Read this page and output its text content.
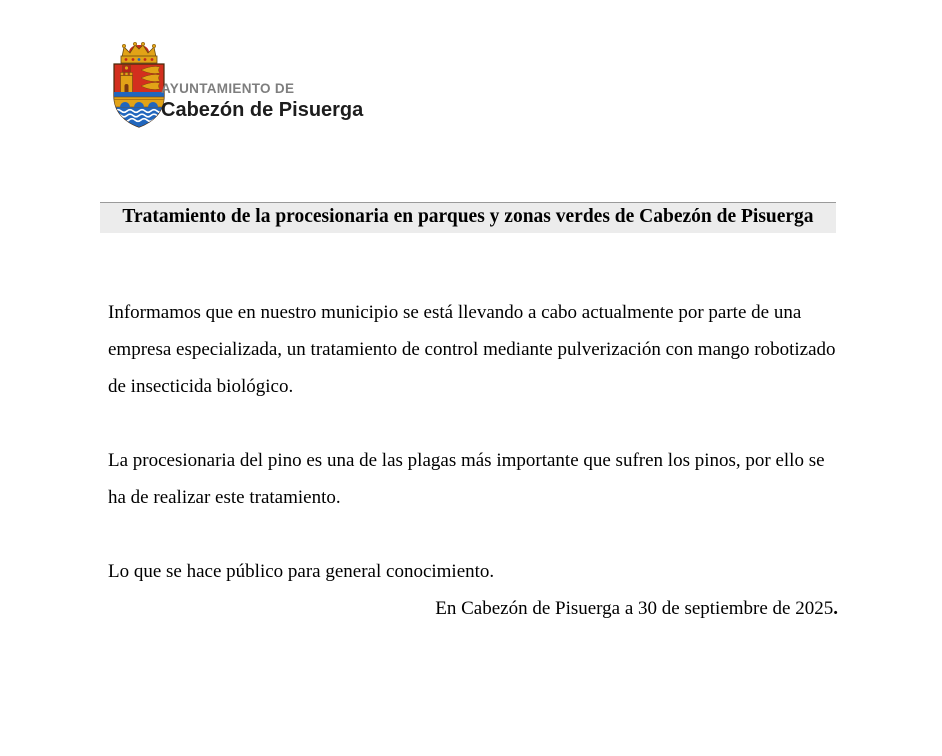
AYUNTAMIENTO DE
Cabezón de Pisuerga
Tratamiento de la procesionaria en parques y zonas verdes de Cabezón de Pisuerga

Informamos que en nuestro municipio se está llevando a cabo actualmente por parte de una empresa especializada, un tratamiento de control mediante pulverización con mango robotizado de insecticida biológico.

La procesionaria del pino es una de las plagas más importante que sufren los pinos, por ello se ha de realizar este tratamiento.

Lo que se hace público para general conocimiento.

En Cabezón de Pisuerga a 30 de septiembre de 2025.
